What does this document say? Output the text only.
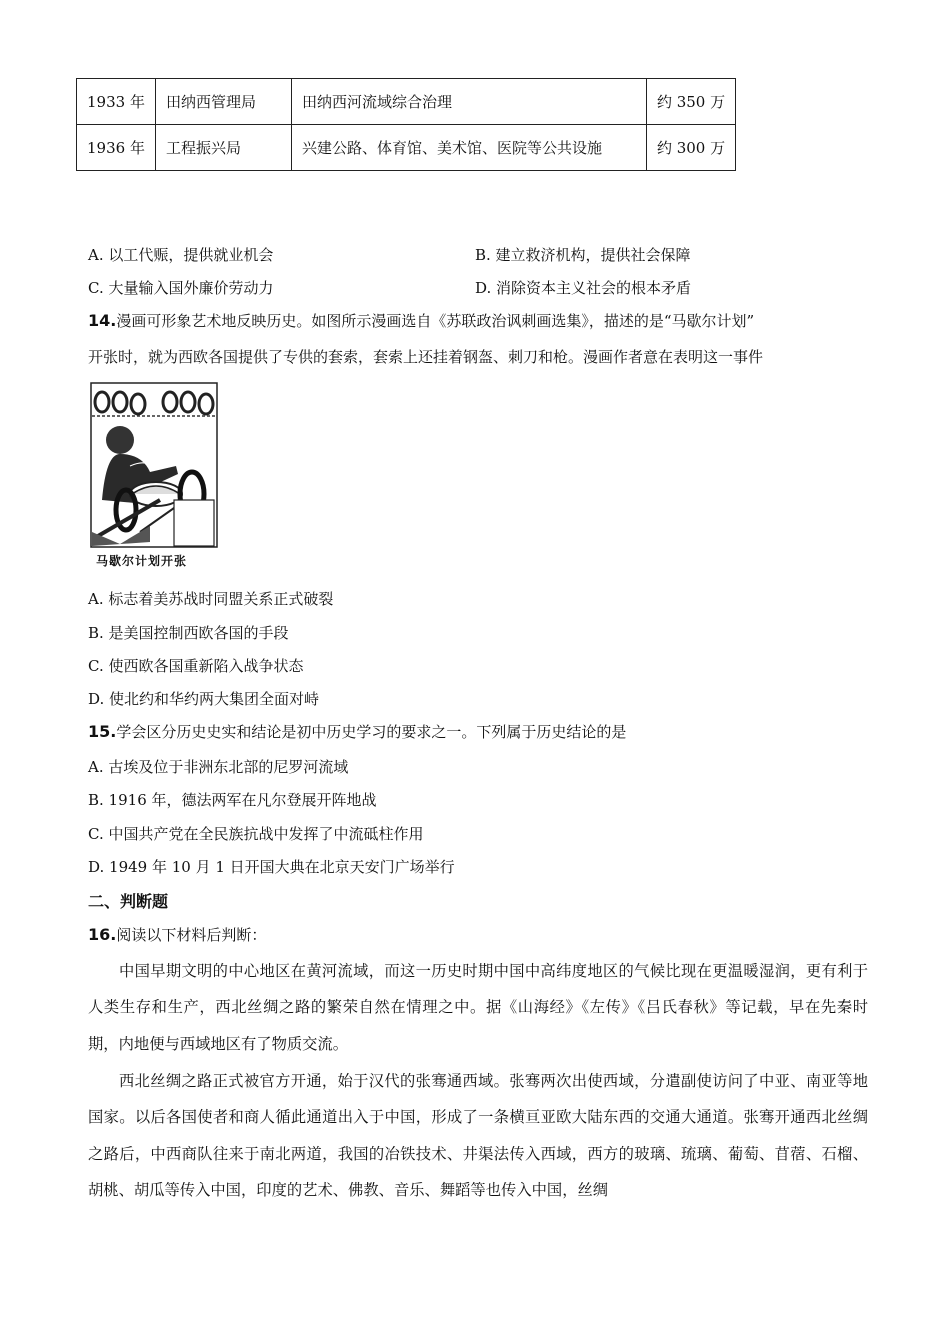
1933 年	田纳西管理局	田纳西河流域综合治理	约 350 万
1936 年	工程振兴局	兴建公路、体育馆、美术馆、医院等公共设施	约 300 万
A. 以工代赈，提供就业机会	B. 建立救济机构，提供社会保障
C. 大量输入国外廉价劳动力	D. 消除资本主义社会的根本矛盾
14.漫画可形象艺术地反映历史。如图所示漫画选自《苏联政治讽刺画选集》，描述的是“马歇尔计划”
开张时，就为西欧各国提供了专供的套索，套索上还挂着钢盔、刺刀和枪。漫画作者意在表明这一事件
马歇尔计划开张
A. 标志着美苏战时同盟关系正式破裂
B. 是美国控制西欧各国的手段
C. 使西欧各国重新陷入战争状态
D. 使北约和华约两大集团全面对峙
15.学会区分历史史实和结论是初中历史学习的要求之一。下列属于历史结论的是
A. 古埃及位于非洲东北部的尼罗河流域
B. 1916 年，德法两军在凡尔登展开阵地战
C. 中国共产党在全民族抗战中发挥了中流砥柱作用
D. 1949 年 10 月 1 日开国大典在北京天安门广场举行
二、判断题
16.阅读以下材料后判断：
中国早期文明的中心地区在黄河流域，而这一历史时期中国中高纬度地区的气候比现在更温暖湿润，更有利于人类生存和生产，西北丝绸之路的繁荣自然在情理之中。据《山海经》《左传》《吕氏春秋》等记载，早在先秦时期，内地便与西域地区有了物质交流。
西北丝绸之路正式被官方开通，始于汉代的张骞通西域。张骞两次出使西域，分遣副使访问了中亚、南亚等地国家。以后各国使者和商人循此通道出入于中国，形成了一条横亘亚欧大陆东西的交通大通道。张骞开通西北丝绸之路后，中西商队往来于南北两道，我国的冶铁技术、井渠法传入西域，西方的玻璃、琉璃、葡萄、苜蓿、石榴、胡桃、胡瓜等传入中国，印度的艺术、佛教、音乐、舞蹈等也传入中国，丝绸
